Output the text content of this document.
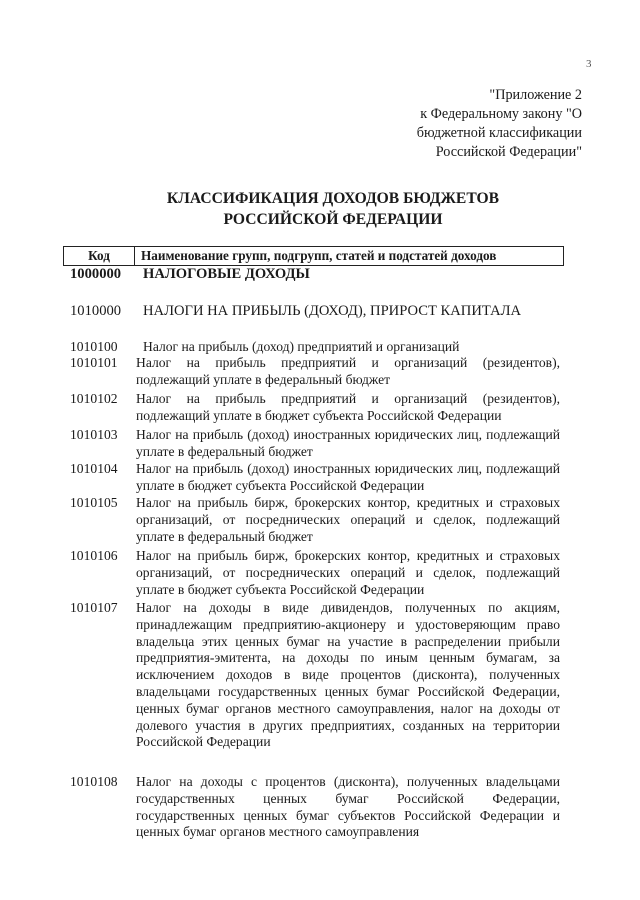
3
"Приложение 2
к Федеральному закону "О
бюджетной классификации
Российской Федерации"
КЛАССИФИКАЦИЯ ДОХОДОВ БЮДЖЕТОВ
РОССИЙСКОЙ ФЕДЕРАЦИИ
Код	Наименование групп, подгрупп, статей и подстатей доходов
1000000 НАЛОГОВЫЕ ДОХОДЫ
1010000 НАЛОГИ НА ПРИБЫЛЬ (ДОХОД), ПРИРОСТ КАПИТАЛА
1010100 Налог на прибыль (доход) предприятий и организаций
1010101 Налог на прибыль предприятий и организаций (резидентов), подлежащий уплате в федеральный бюджет
1010102 Налог на прибыль предприятий и организаций (резидентов), подлежащий уплате в бюджет субъекта Российской Федерации
1010103 Налог на прибыль (доход) иностранных юридических лиц, подлежащий уплате в федеральный бюджет
1010104 Налог на прибыль (доход) иностранных юридических лиц, подлежащий уплате в бюджет субъекта Российской Федерации
1010105 Налог на прибыль бирж, брокерских контор, кредитных и страховых организаций, от посреднических операций и сделок, подлежащий уплате в федеральный бюджет
1010106 Налог на прибыль бирж, брокерских контор, кредитных и страховых организаций, от посреднических операций и сделок, подлежащий уплате в бюджет субъекта Российской Федерации
1010107 Налог на доходы в виде дивидендов, полученных по акциям, принадлежащим предприятию-акционеру и удостоверяющим право владельца этих ценных бумаг на участие в распределении прибыли предприятия-эмитента, на доходы по иным ценным бумагам, за исключением доходов в виде процентов (дисконта), полученных владельцами государственных ценных бумаг Российской Федерации, ценных бумаг органов местного самоуправления, налог на доходы от долевого участия в других предприятиях, созданных на территории Российской Федерации
1010108 Налог на доходы с процентов (дисконта), полученных владельцами государственных ценных бумаг Российской Федерации, государственных ценных бумаг субъектов Российской Федерации и ценных бумаг органов местного самоуправления
